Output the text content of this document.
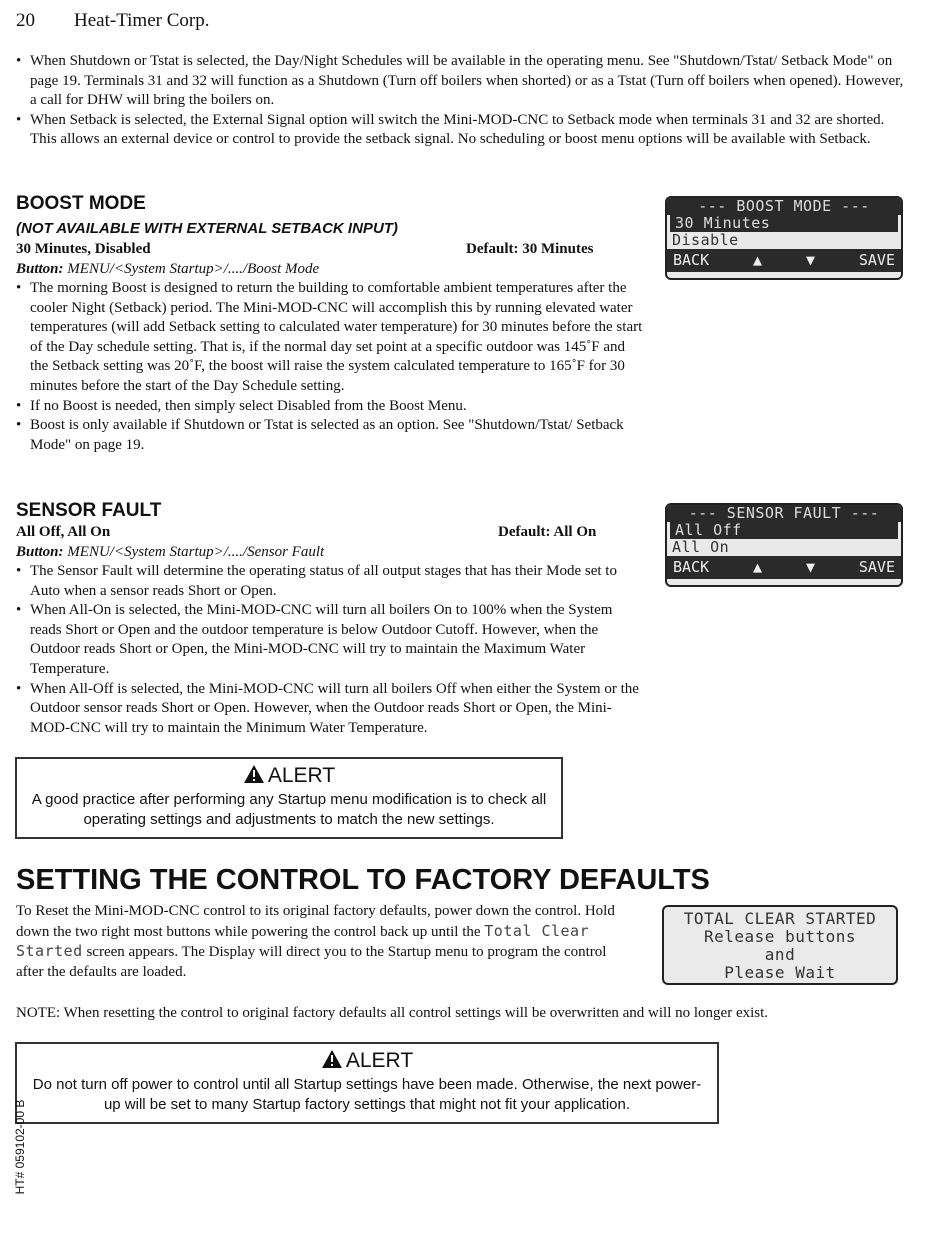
20 Heat-Timer Corp.
• When Shutdown or Tstat is selected, the Day/Night Schedules will be available in the operating menu. See "Shutdown/Tstat/ Setback Mode" on page 19. Terminals 31 and 32 will function as a Shutdown (Turn off boilers when shorted) or as a Tstat (Turn off boilers when opened). However, a call for DHW will bring the boilers on.
• When Setback is selected, the External Signal option will switch the Mini-MOD-CNC to Setback mode when terminals 31 and 32 are shorted. This allows an external device or control to provide the setback signal. No scheduling or boost menu options will be available with Setback.
BOOST MODE
(NOT AVAILABLE WITH EXTERNAL SETBACK INPUT)
30 Minutes, Disabled	Default: 30 Minutes
Button: MENU/<System Startup>/..../Boost Mode
• The morning Boost is designed to return the building to comfortable ambient temperatures after the cooler Night (Setback) period. The Mini-MOD-CNC will accomplish this by running elevated water temperatures (will add Setback setting to calculated water temperature) for 30 minutes before the start of the Day schedule setting. That is, if the normal day set point at a specific outdoor was 145˚F and the Setback setting was 20˚F, the boost will raise the system calculated temperature to 165˚F for 30 minutes before the start of the Day Schedule setting.
• If no Boost is needed, then simply select Disabled from the Boost Menu.
• Boost is only available if Shutdown or Tstat is selected as an option. See "Shutdown/Tstat/ Setback Mode" on page 19.
--- BOOST MODE ---
30 Minutes
Disable
BACK	▲	▼	SAVE
SENSOR FAULT
All Off, All On	Default: All On
Button: MENU/<System Startup>/..../Sensor Fault
• The Sensor Fault will determine the operating status of all output stages that has their Mode set to Auto when a sensor reads Short or Open.
• When All-On is selected, the Mini-MOD-CNC will turn all boilers On to 100% when the System reads Short or Open and the outdoor temperature is below Outdoor Cutoff. However, when the Outdoor reads Short or Open, the Mini-MOD-CNC will try to maintain the Maximum Water Temperature.
• When All-Off is selected, the Mini-MOD-CNC will turn all boilers Off when either the System or the Outdoor sensor reads Short or Open. However, when the Outdoor reads Short or Open, the Mini-MOD-CNC will try to maintain the Minimum Water Temperature.
--- SENSOR FAULT ---
All Off
All On
BACK	▲	▼	SAVE
ALERT
A good practice after performing any Startup menu modification is to check all operating settings and adjustments to match the new settings.
SETTING THE CONTROL TO FACTORY DEFAULTS
To Reset the Mini-MOD-CNC control to its original factory defaults, power down the control. Hold down the two right most buttons while powering the control back up until the Total Clear Started screen appears. The Display will direct you to the Startup menu to program the control after the defaults are loaded.
TOTAL CLEAR STARTED
Release buttons
and
Please Wait
NOTE: When resetting the control to original factory defaults all control settings will be overwritten and will no longer exist.
ALERT
Do not turn off power to control until all Startup settings have been made. Otherwise, the next power-up will be set to many Startup factory settings that might not fit your application.
HT# 059102-00 B
